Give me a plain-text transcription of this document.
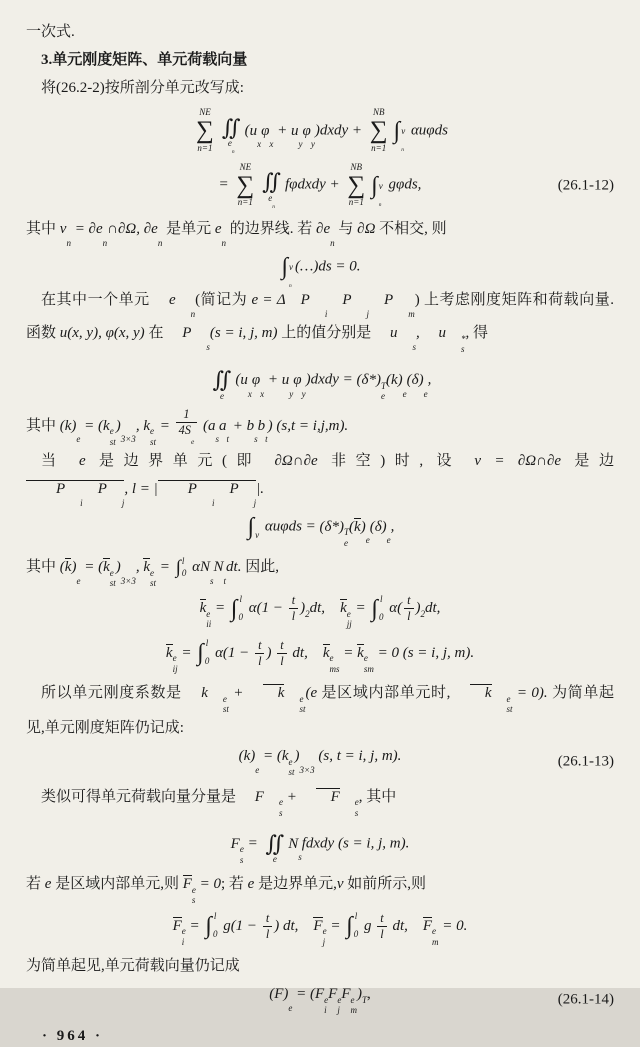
一次式.
3.单元刚度矩阵、单元荷载向量
将(26.2-2)按所剖分单元改写成:
NE
∑
n=1
∬
e
n
(u
x
φ
x
+ u
y
φ
y
)dxdy +
NB
∑
n=1
∫ ν
n
αuφds
=
NE
∑
n=1
∬
e
n
fφdxdy +
NB
∑
n=1
∫ ν
n
gφds,	(26.1-12)
其中 ν
n
= ∂e
n
∩∂Ω, ∂e
n
是单元 e
n
的边界线. 若 ∂e
n
与 ∂Ω 不相交, 则
∫ ν
n
(…)ds = 0.
在其中一个单元 e
n
(简记为 e = Δ P
i
P
j
P
m
) 上考虑刚度矩阵和荷载向量. 函数 u(x, y), φ(x, y) 在 P
s
(s = i, j, m) 上的值分别是 u
s
, u	*
s
, 得
∬
e
(u
x
φ
x
+ u
y
φ
y
)dxdy = (δ*) T
e
(k)
e
(δ)
e
,
其中 (k)
e
= (k e
st
)
3×3
, k e
st
= 1
4S
e (a
s
a
t
+ b
s
b
t
) (s,t = i,j,m).
当 e 是边界单元(即 ∂Ω∩∂e 非空)时, 设 ν = ∂Ω∩∂e 是边 P
i
P
j
, l = | P
i
P
j
|.
∫ ν
αuφds = (δ*) T
e
(k)
e
(δ)
e
,
其中 (k)
e
= (k e
st
)
3×3
, k e
st
= ∫ l
0 αN
s
N
t
dt. 因此,
k e
ii
= ∫ l
0
$\alpha(1 - \frac{t}{l}$ ) 2 dt, k e
jj
= ∫ l
0
$\alpha( \frac{t}{l}$ ) 2 dt,
k e
ij
= ∫ l
0
$\alpha(1 - \frac{t}{l}$ ) $\frac{t}{l}$ dt, k e
ms
= k e
sm
= 0 (s = i, j, m).
所以单元刚度系数是 k	e
st
+ k	e
st
(e 是区域内部单元时, k	e
st
= 0). 为简单起见,单元刚度矩阵仍记成:
(k)
e
= (k e
st
)
3×3
(s, t = i, j, m).	(26.1-13)
类似可得单元荷载向量分量是 F	e
s
+ F	e
s
, 其中
F e
s
= ∬
e
N
s
fdxdy (s = i, j, m).
若 e 是区域内部单元,则 F e
s
= 0; 若 e 是边界单元,ν 如前所示,则
F e
i
= ∫ l
0
$g(1 - \frac{t}{l}$ ) dt, F e
j
= ∫ l
0
g $\frac{t}{l}$ dt, F e
m
= 0.
为简单起见,单元荷载向量仍记成
(F)
e
= (F e
i
F e
j
F e
m
) T ,	(26.1-14)
· 964 ·
